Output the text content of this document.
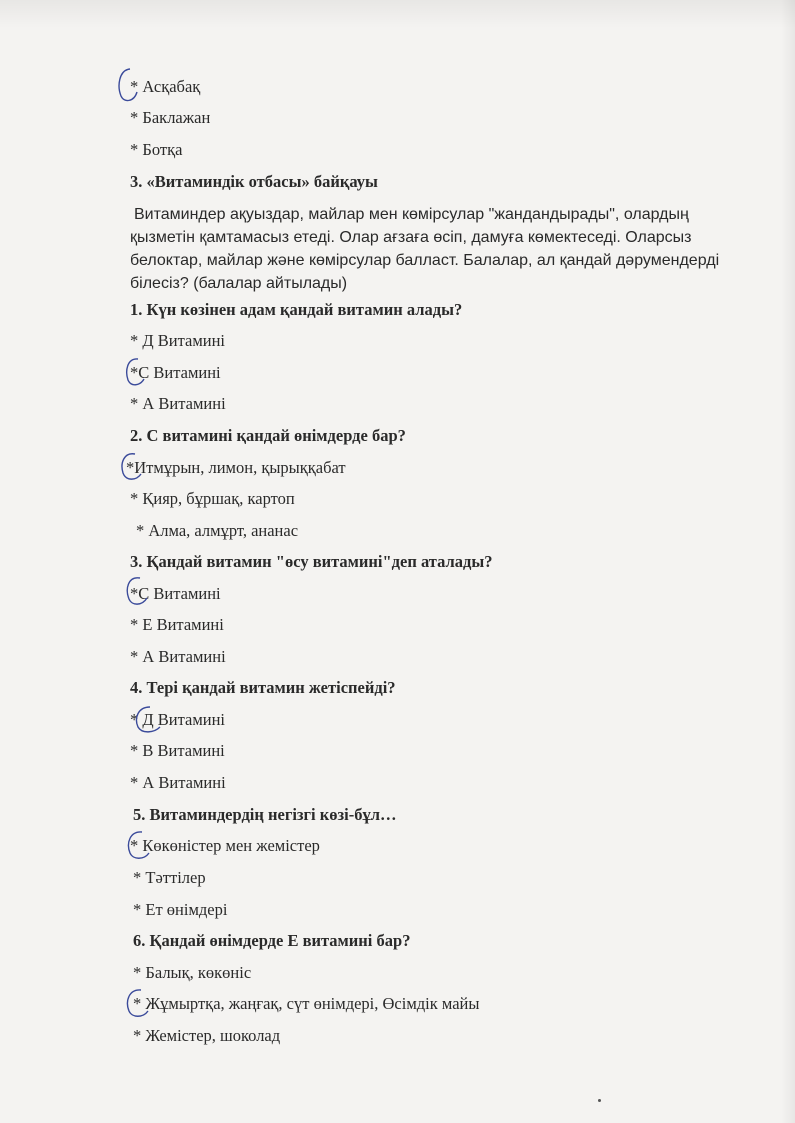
* Асқабақ
* Баклажан
* Ботқа
3. «Витаминдік отбасы» байқауы
Витаминдер ақуыздар, майлар мен көмірсулар "жандандырады", олардың
қызметін қамтамасыз етеді. Олар ағзаға өсіп, дамуға көмектеседі. Оларсыз
белоктар, майлар және көмірсулар балласт. Балалар, ал қандай дәрумендерді
білесіз? (балалар айтылады)
1. Күн көзінен адам қандай витамин алады?
* Д Витамині
*С Витамині
* А Витамині
2. С витамині қандай өнімдерде бар?
*Итмұрын, лимон, қырыққабат
* Қияр, бұршақ, картоп
* Алма, алмұрт, ананас
3. Қандай витамин "өсу витамині"деп аталады?
*С Витамині
* Е Витамині
* А Витамині
4. Тері қандай витамин жетіспейді?
* Д Витамині
* В Витамині
* А Витамині
5. Витаминдердің негізгі көзі-бұл…
* Көкөністер мен жемістер
* Тәттілер
* Ет өнімдері
6. Қандай өнімдерде Е витамині бар?
* Балық, көкөніс
* Жұмыртқа, жаңғақ, сүт өнімдері, Өсімдік майы
* Жемістер, шоколад
